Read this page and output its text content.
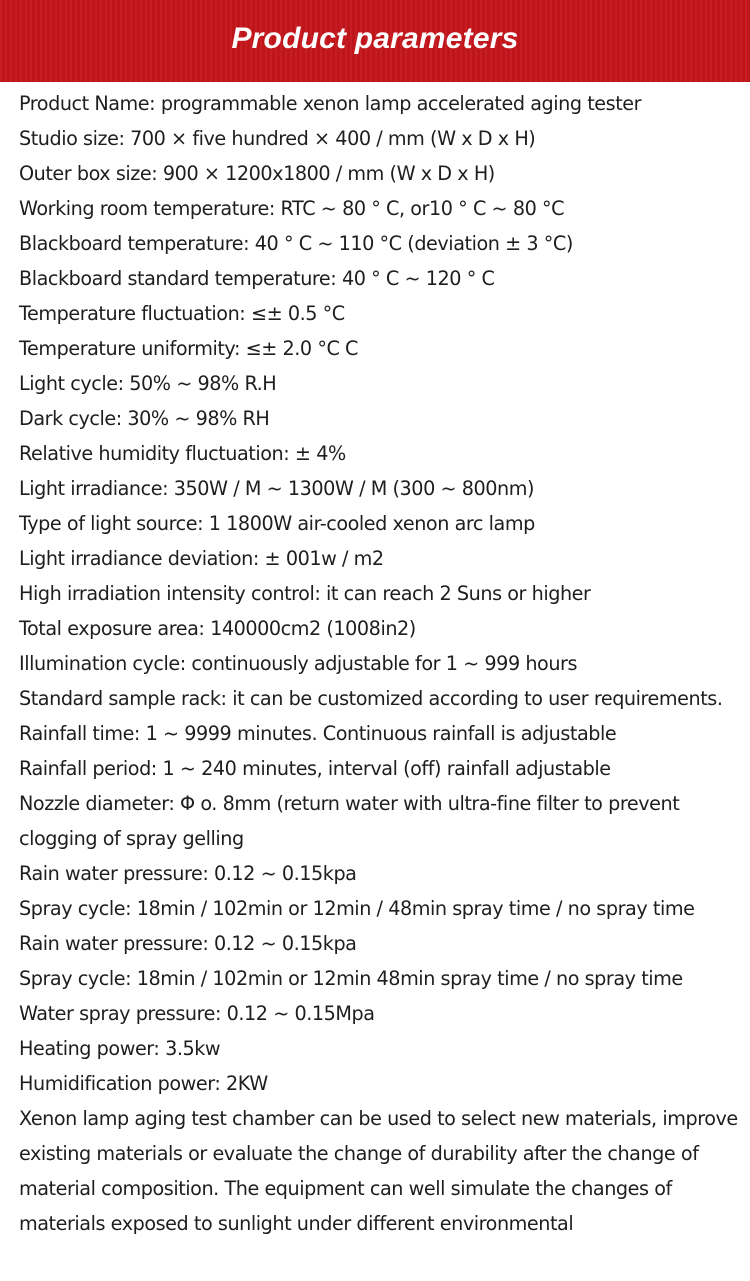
Product parameters

Product Name: programmable xenon lamp accelerated aging tester

Studio size: 700 × five hundred × 400 / mm (W x D x H)

Outer box size: 900 × 1200x1800 / mm (W x D x H)

Working room temperature: RTC ~ 80 ° C, or10 ° C ~ 80 °C

Blackboard temperature: 40 ° C ~ 110 °C (deviation ± 3 °C)

Blackboard standard temperature: 40 ° C ~ 120 ° C

Temperature fluctuation: ≤± 0.5 °C

Temperature uniformity: ≤± 2.0 °C C

Light cycle: 50% ~ 98% R.H

Dark cycle: 30% ~ 98% RH

Relative humidity fluctuation: ± 4%

Light irradiance: 350W / M ~ 1300W / M (300 ~ 800nm)

Type of light source: 1 1800W air-cooled xenon arc lamp

Light irradiance deviation: ± 001w / m2

High irradiation intensity control: it can reach 2 Suns or higher

Total exposure area: 140000cm2 (1008in2)

Illumination cycle: continuously adjustable for 1 ~ 999 hours

Standard sample rack: it can be customized according to user requirements. Rainfall time: 1 ~ 9999 minutes. Continuous rainfall is adjustable

Rainfall period: 1 ~ 240 minutes, interval (off) rainfall adjustable

Nozzle diameter: Φ o. 8mm (return water with ultra-fine filter to prevent clogging of spray gelling

Rain water pressure: 0.12 ~ 0.15kpa

Spray cycle: 18min / 102min or 12min / 48min spray time / no spray time

Rain water pressure: 0.12 ~ 0.15kpa

Spray cycle: 18min / 102min or 12min 48min spray time / no spray time

Water spray pressure: 0.12 ~ 0.15Mpa

Heating power: 3.5kw

Humidification power: 2KW

Xenon lamp aging test chamber can be used to select new materials, improve existing materials or evaluate the change of durability after the change of material composition. The equipment can well simulate the changes of materials exposed to sunlight under different environmental
